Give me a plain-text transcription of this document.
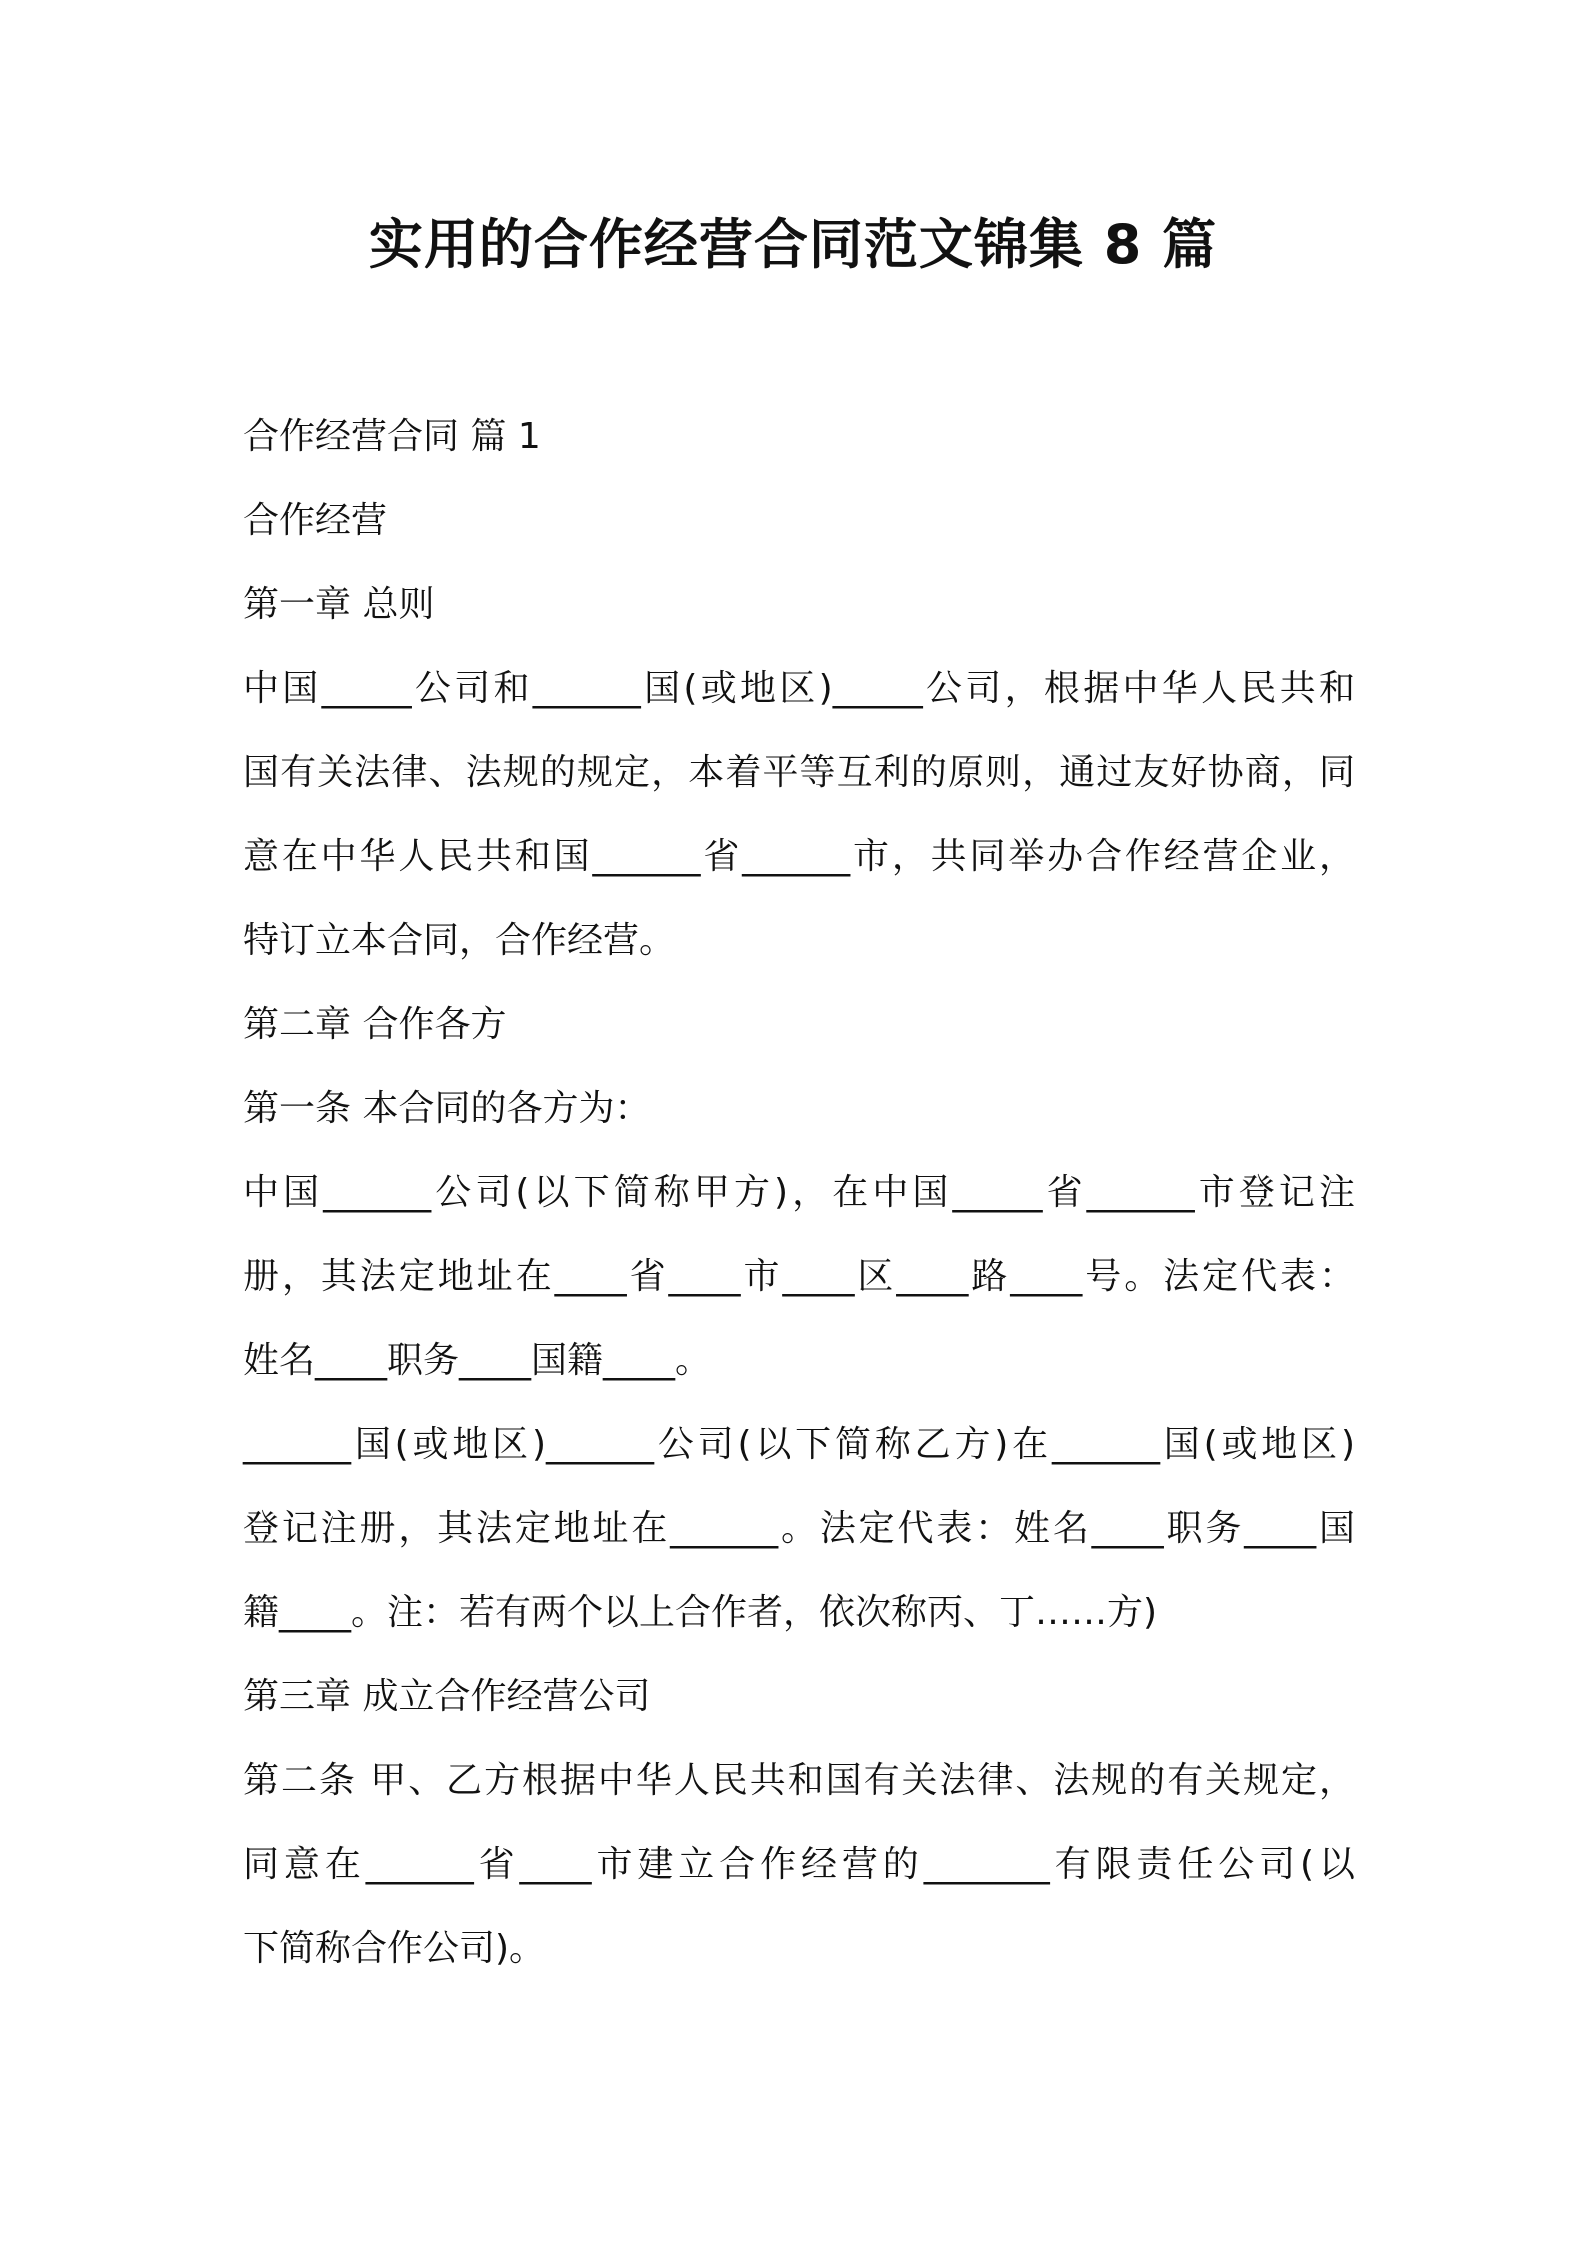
实用的合作经营合同范文锦集 8 篇

合作经营合同 篇 1

合作经营

第一章 总则

中国_____公司和______国(或地区)_____公司，根据中华人民共和

国有关法律、法规的规定，本着平等互利的原则，通过友好协商，同

意在中华人民共和国______省______市，共同举办合作经营企业，

特订立本合同，合作经营。

第二章 合作各方

第一条 本合同的各方为：

中国______公司(以下简称甲方)，在中国_____省______市登记注

册，其法定地址在____省____市____区____路____号。法定代表：

姓名____职务____国籍____。

______国(或地区)______公司(以下简称乙方)在______国(或地区)

登记注册，其法定地址在______。法定代表：姓名____职务____国

籍____。注：若有两个以上合作者，依次称丙、丁……方)

第三章 成立合作经营公司

第二条 甲、乙方根据中华人民共和国有关法律、法规的有关规定，

同意在______省____市建立合作经营的_______有限责任公司(以

下简称合作公司)。
